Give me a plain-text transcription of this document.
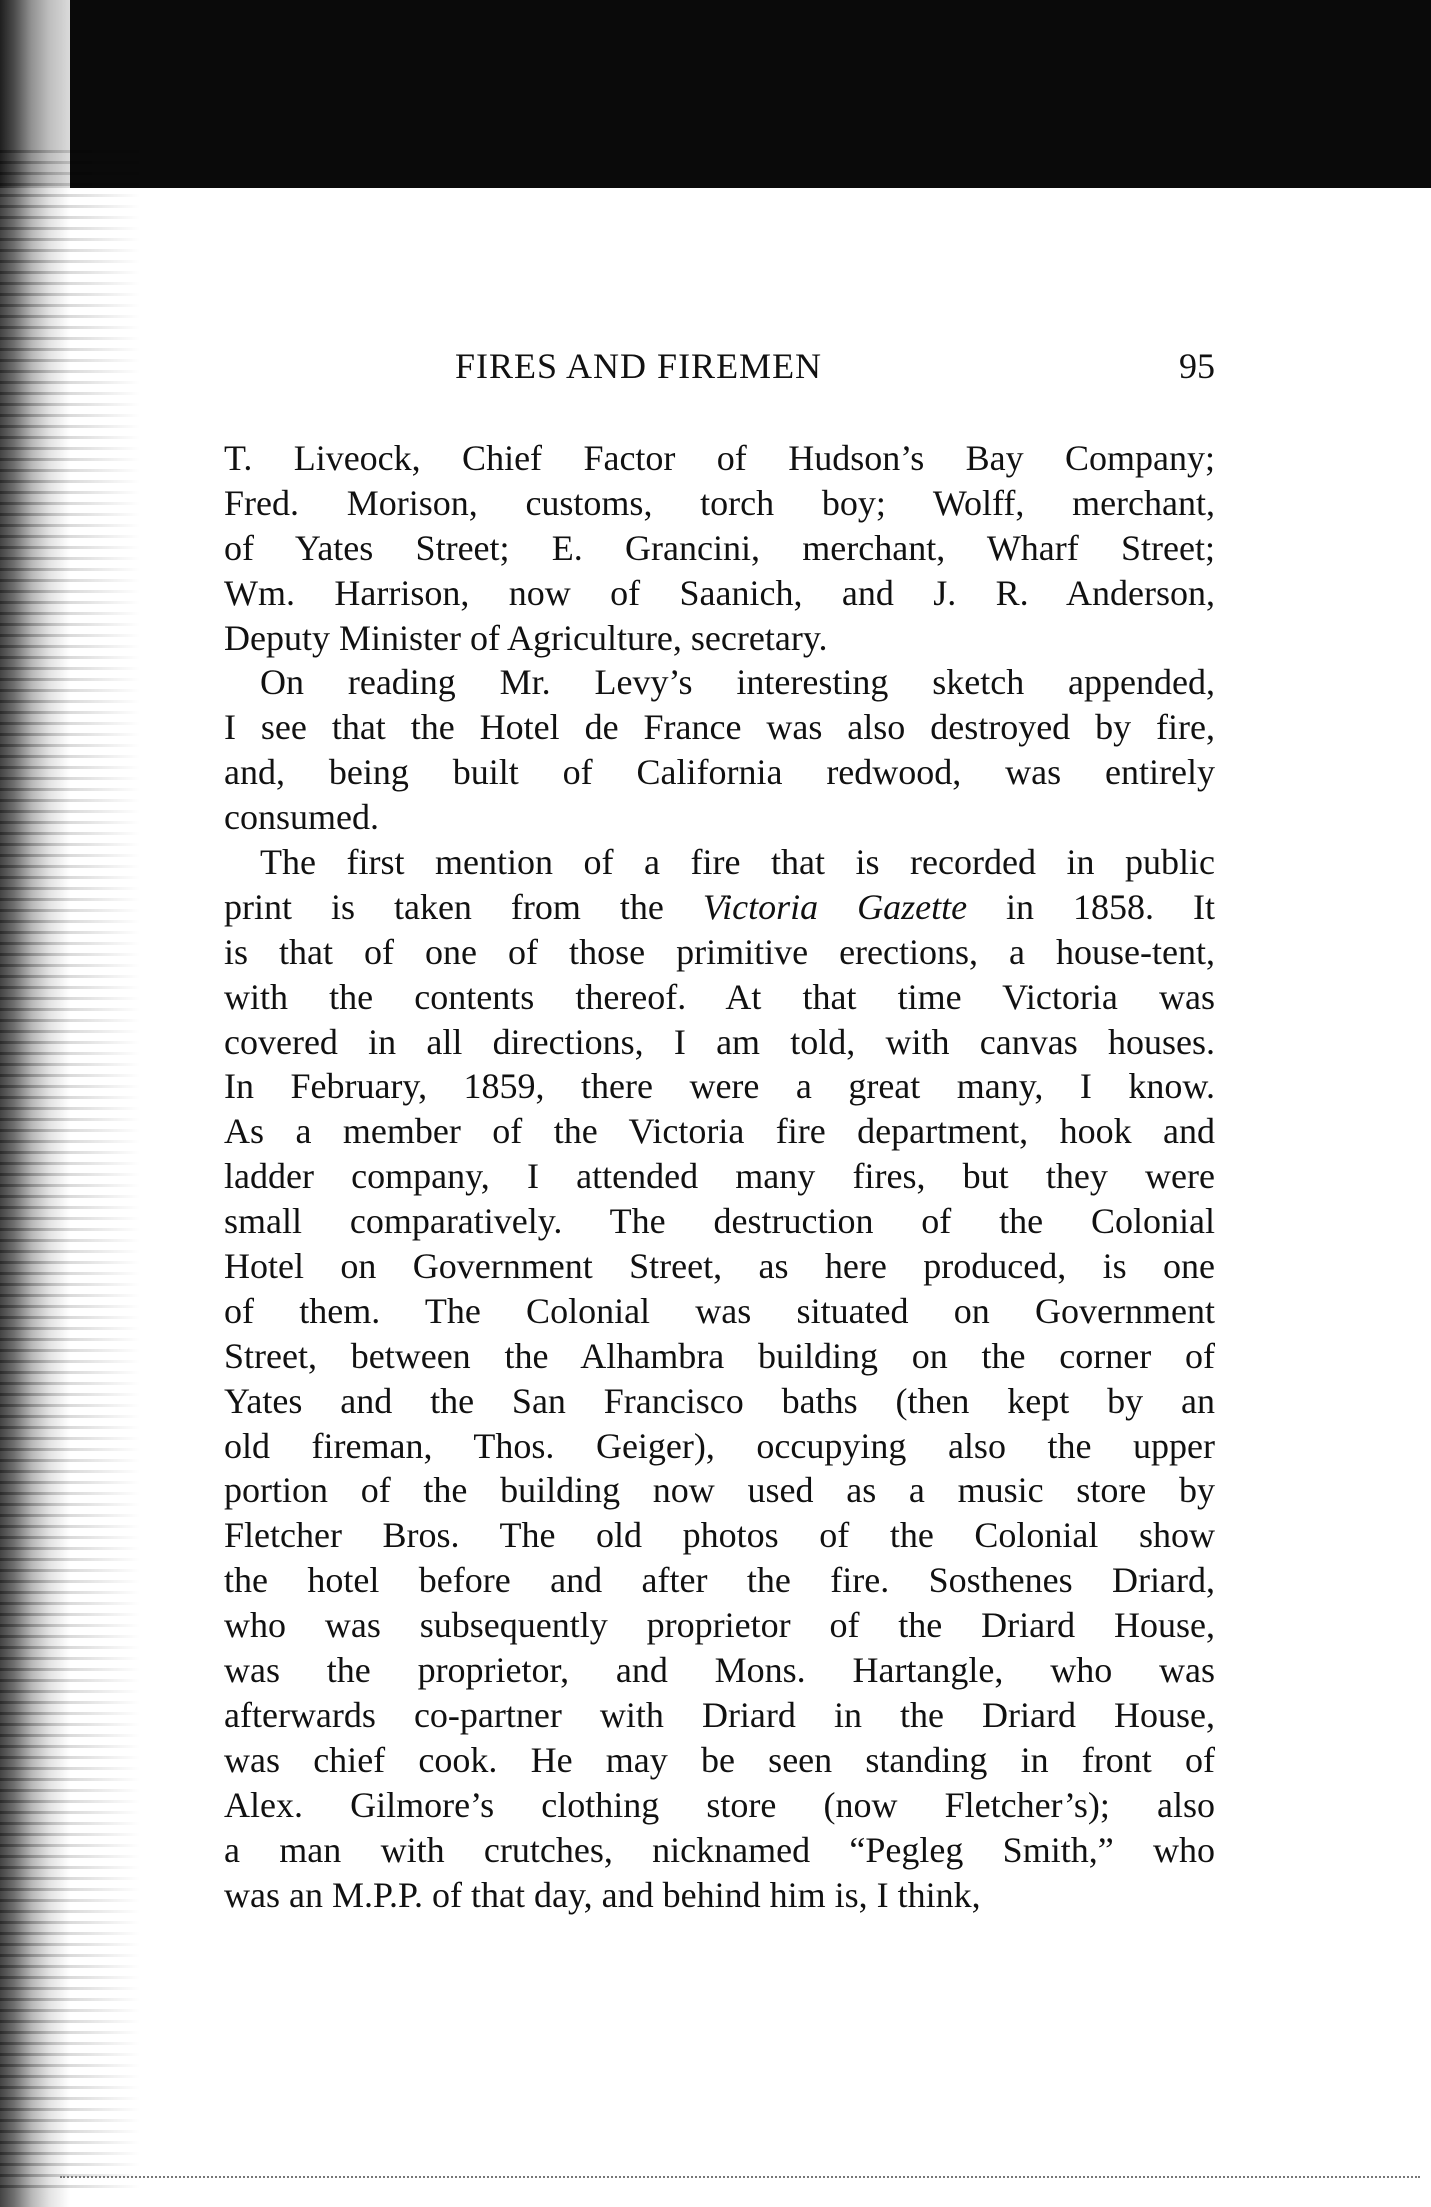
FIRES AND FIREMEN	95
T. Liveock, Chief Factor of Hudson’s Bay Company;
Fred. Morison, customs, torch boy; Wolff, merchant,
of Yates Street; E. Grancini, merchant, Wharf Street;
Wm. Harrison, now of Saanich, and J. R. Anderson,
Deputy Minister of Agriculture, secretary.
On reading Mr. Levy’s interesting sketch appended,
I see that the Hotel de France was also destroyed by fire,
and, being built of California redwood, was entirely
consumed.
The first mention of a fire that is recorded in public
print is taken from the Victoria Gazette in 1858. It
is that of one of those primitive erections, a house-tent,
with the contents thereof. At that time Victoria was
covered in all directions, I am told, with canvas houses.
In February, 1859, there were a great many, I know.
As a member of the Victoria fire department, hook and
ladder company, I attended many fires, but they were
small comparatively. The destruction of the Colonial
Hotel on Government Street, as here produced, is one
of them. The Colonial was situated on Government
Street, between the Alhambra building on the corner of
Yates and the San Francisco baths (then kept by an
old fireman, Thos. Geiger), occupying also the upper
portion of the building now used as a music store by
Fletcher Bros. The old photos of the Colonial show
the hotel before and after the fire. Sosthenes Driard,
who was subsequently proprietor of the Driard House,
was the proprietor, and Mons. Hartangle, who was
afterwards co-partner with Driard in the Driard House,
was chief cook. He may be seen standing in front of
Alex. Gilmore’s clothing store (now Fletcher’s); also
a man with crutches, nicknamed “Pegleg Smith,” who
was an M.P.P. of that day, and behind him is, I think,
